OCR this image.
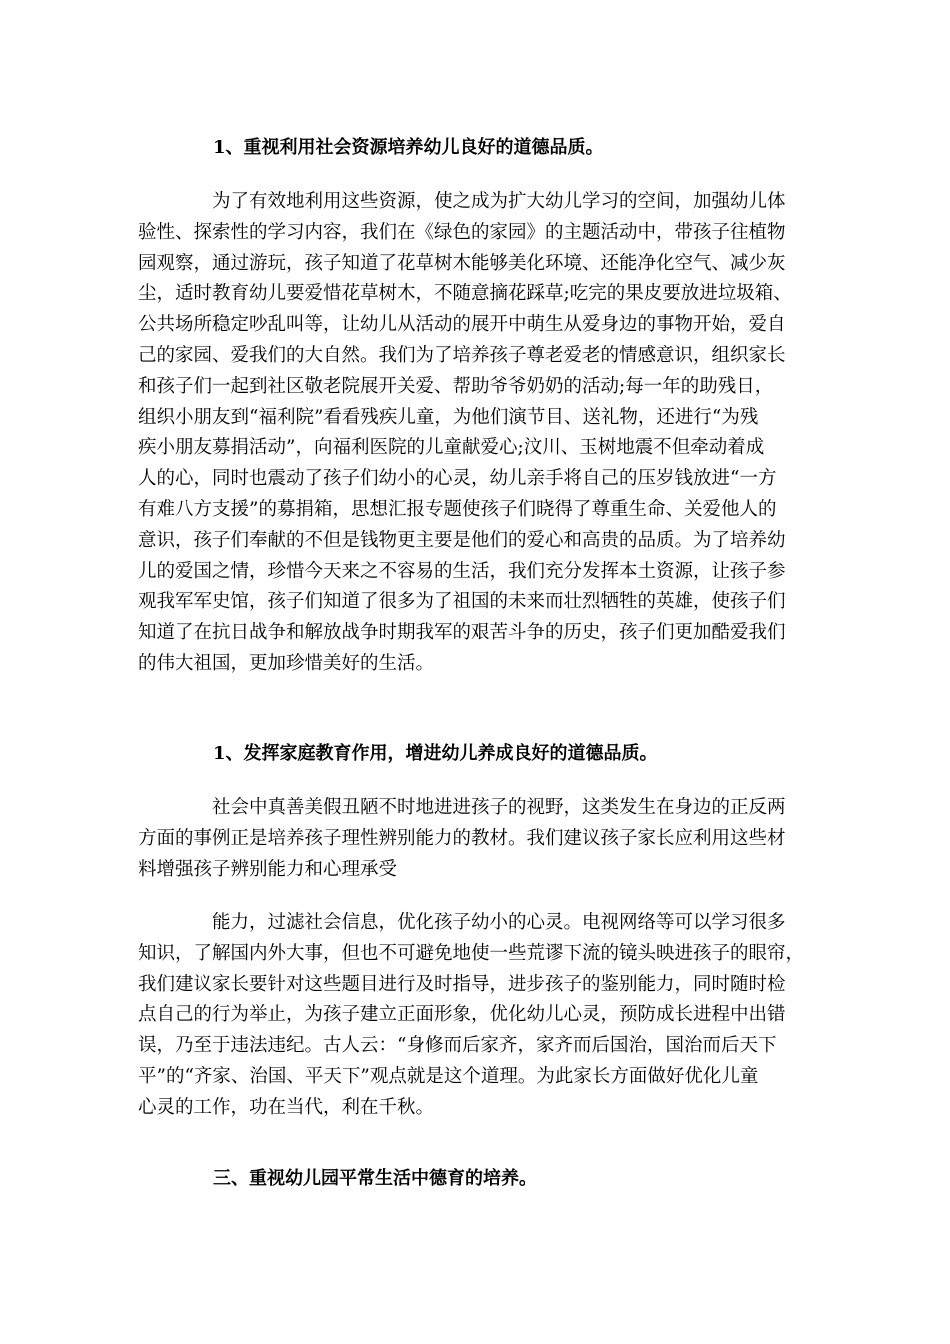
1、重视利用社会资源培养幼儿良好的道德品质。
为了有效地利用这些资源，使之成为扩大幼儿学习的空间，加强幼儿体
验性、探索性的学习内容，我们在《绿色的家园》的主题活动中，带孩子往植物
园观察，通过游玩，孩子知道了花草树木能够美化环境、还能净化空气、减少灰
尘，适时教育幼儿要爱惜花草树木，不随意摘花踩草;吃完的果皮要放进垃圾箱、
公共场所稳定吵乱叫等，让幼儿从活动的展开中萌生从爱身边的事物开始，爱自
己的家园、爱我们的大自然。我们为了培养孩子尊老爱老的情感意识，组织家长
和孩子们一起到社区敬老院展开关爱、帮助爷爷奶奶的活动;每一年的助残日，
组织小朋友到“福利院”看看残疾儿童，为他们演节目、送礼物，还进行“为残
疾小朋友募捐活动”，向福利医院的儿童献爱心;汶川、玉树地震不但牵动着成
人的心，同时也震动了孩子们幼小的心灵，幼儿亲手将自己的压岁钱放进“一方
有难八方支援”的募捐箱，思想汇报专题使孩子们晓得了尊重生命、关爱他人的
意识，孩子们奉献的不但是钱物更主要是他们的爱心和高贵的品质。为了培养幼
儿的爱国之情，珍惜今天来之不容易的生活，我们充分发挥本土资源，让孩子参
观我军军史馆，孩子们知道了很多为了祖国的未来而壮烈牺牲的英雄，使孩子们
知道了在抗日战争和解放战争时期我军的艰苦斗争的历史，孩子们更加酷爱我们
的伟大祖国，更加珍惜美好的生活。
1、发挥家庭教育作用，增进幼儿养成良好的道德品质。
社会中真善美假丑陋不时地进进孩子的视野，这类发生在身边的正反两
方面的事例正是培养孩子理性辨别能力的教材。我们建议孩子家长应利用这些材
料增强孩子辨别能力和心理承受
能力，过滤社会信息，优化孩子幼小的心灵。电视网络等可以学习很多
知识，了解国内外大事，但也不可避免地使一些荒谬下流的镜头映进孩子的眼帘，
我们建议家长要针对这些题目进行及时指导，进步孩子的鉴别能力，同时随时检
点自己的行为举止，为孩子建立正面形象，优化幼儿心灵，预防成长进程中出错
误，乃至于违法违纪。古人云：“身修而后家齐，家齐而后国治，国治而后天下
平”的“齐家、治国、平天下”观点就是这个道理。为此家长方面做好优化儿童
心灵的工作，功在当代，利在千秋。
三、重视幼儿园平常生活中德育的培养。
